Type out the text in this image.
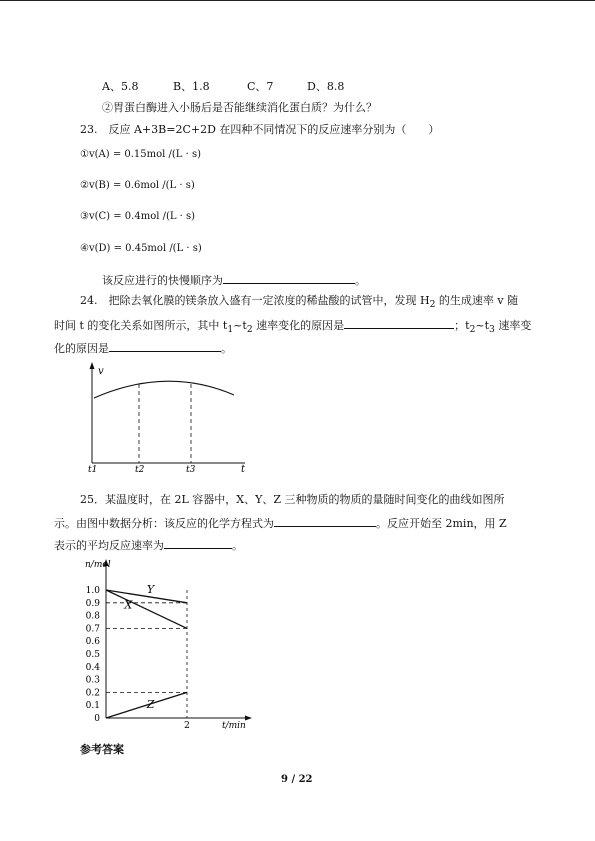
A、5.8	B、1.8	C、7	D、8.8
②胃蛋白酶进入小肠后是否能继续消化蛋白质？为什么？
23.　反应 A+3B=2C+2D 在四种不同情况下的反应速率分别为（　　）
①v(A) = 0.15mol /(L · s)
②v(B) = 0.6mol /(L · s)
③v(C) = 0.4mol /(L · s)
④v(D) = 0.45mol /(L · s)
该反应进行的快慢顺序为	。
24.　把除去氧化膜的镁条放入盛有一定浓度的稀盐酸的试管中，发现 $H_2$ 的生成速率 v 随
时间 t 的变化关系如图所示，其中 $t_1\sim t_2$ 速率变化的原因是	；$t_2\sim t_3$ 速率变
化的原因是	。
v
t1	t2	t3	t
25．某温度时，在 2L 容器中，X、Y、Z 三种物质的物质的量随时间变化的曲线如图所
示。由图中数据分析：该反应的化学方程式为	。反应开始至 2min，用 Z
表示的平均反应速率为	。
n/mol
t/min
1.0
0.9
0.8
0.7
0.6
0.5
0.4
0.3
0.2
0.1
0
2
Y
X
Z
参考答案
9 / 22
